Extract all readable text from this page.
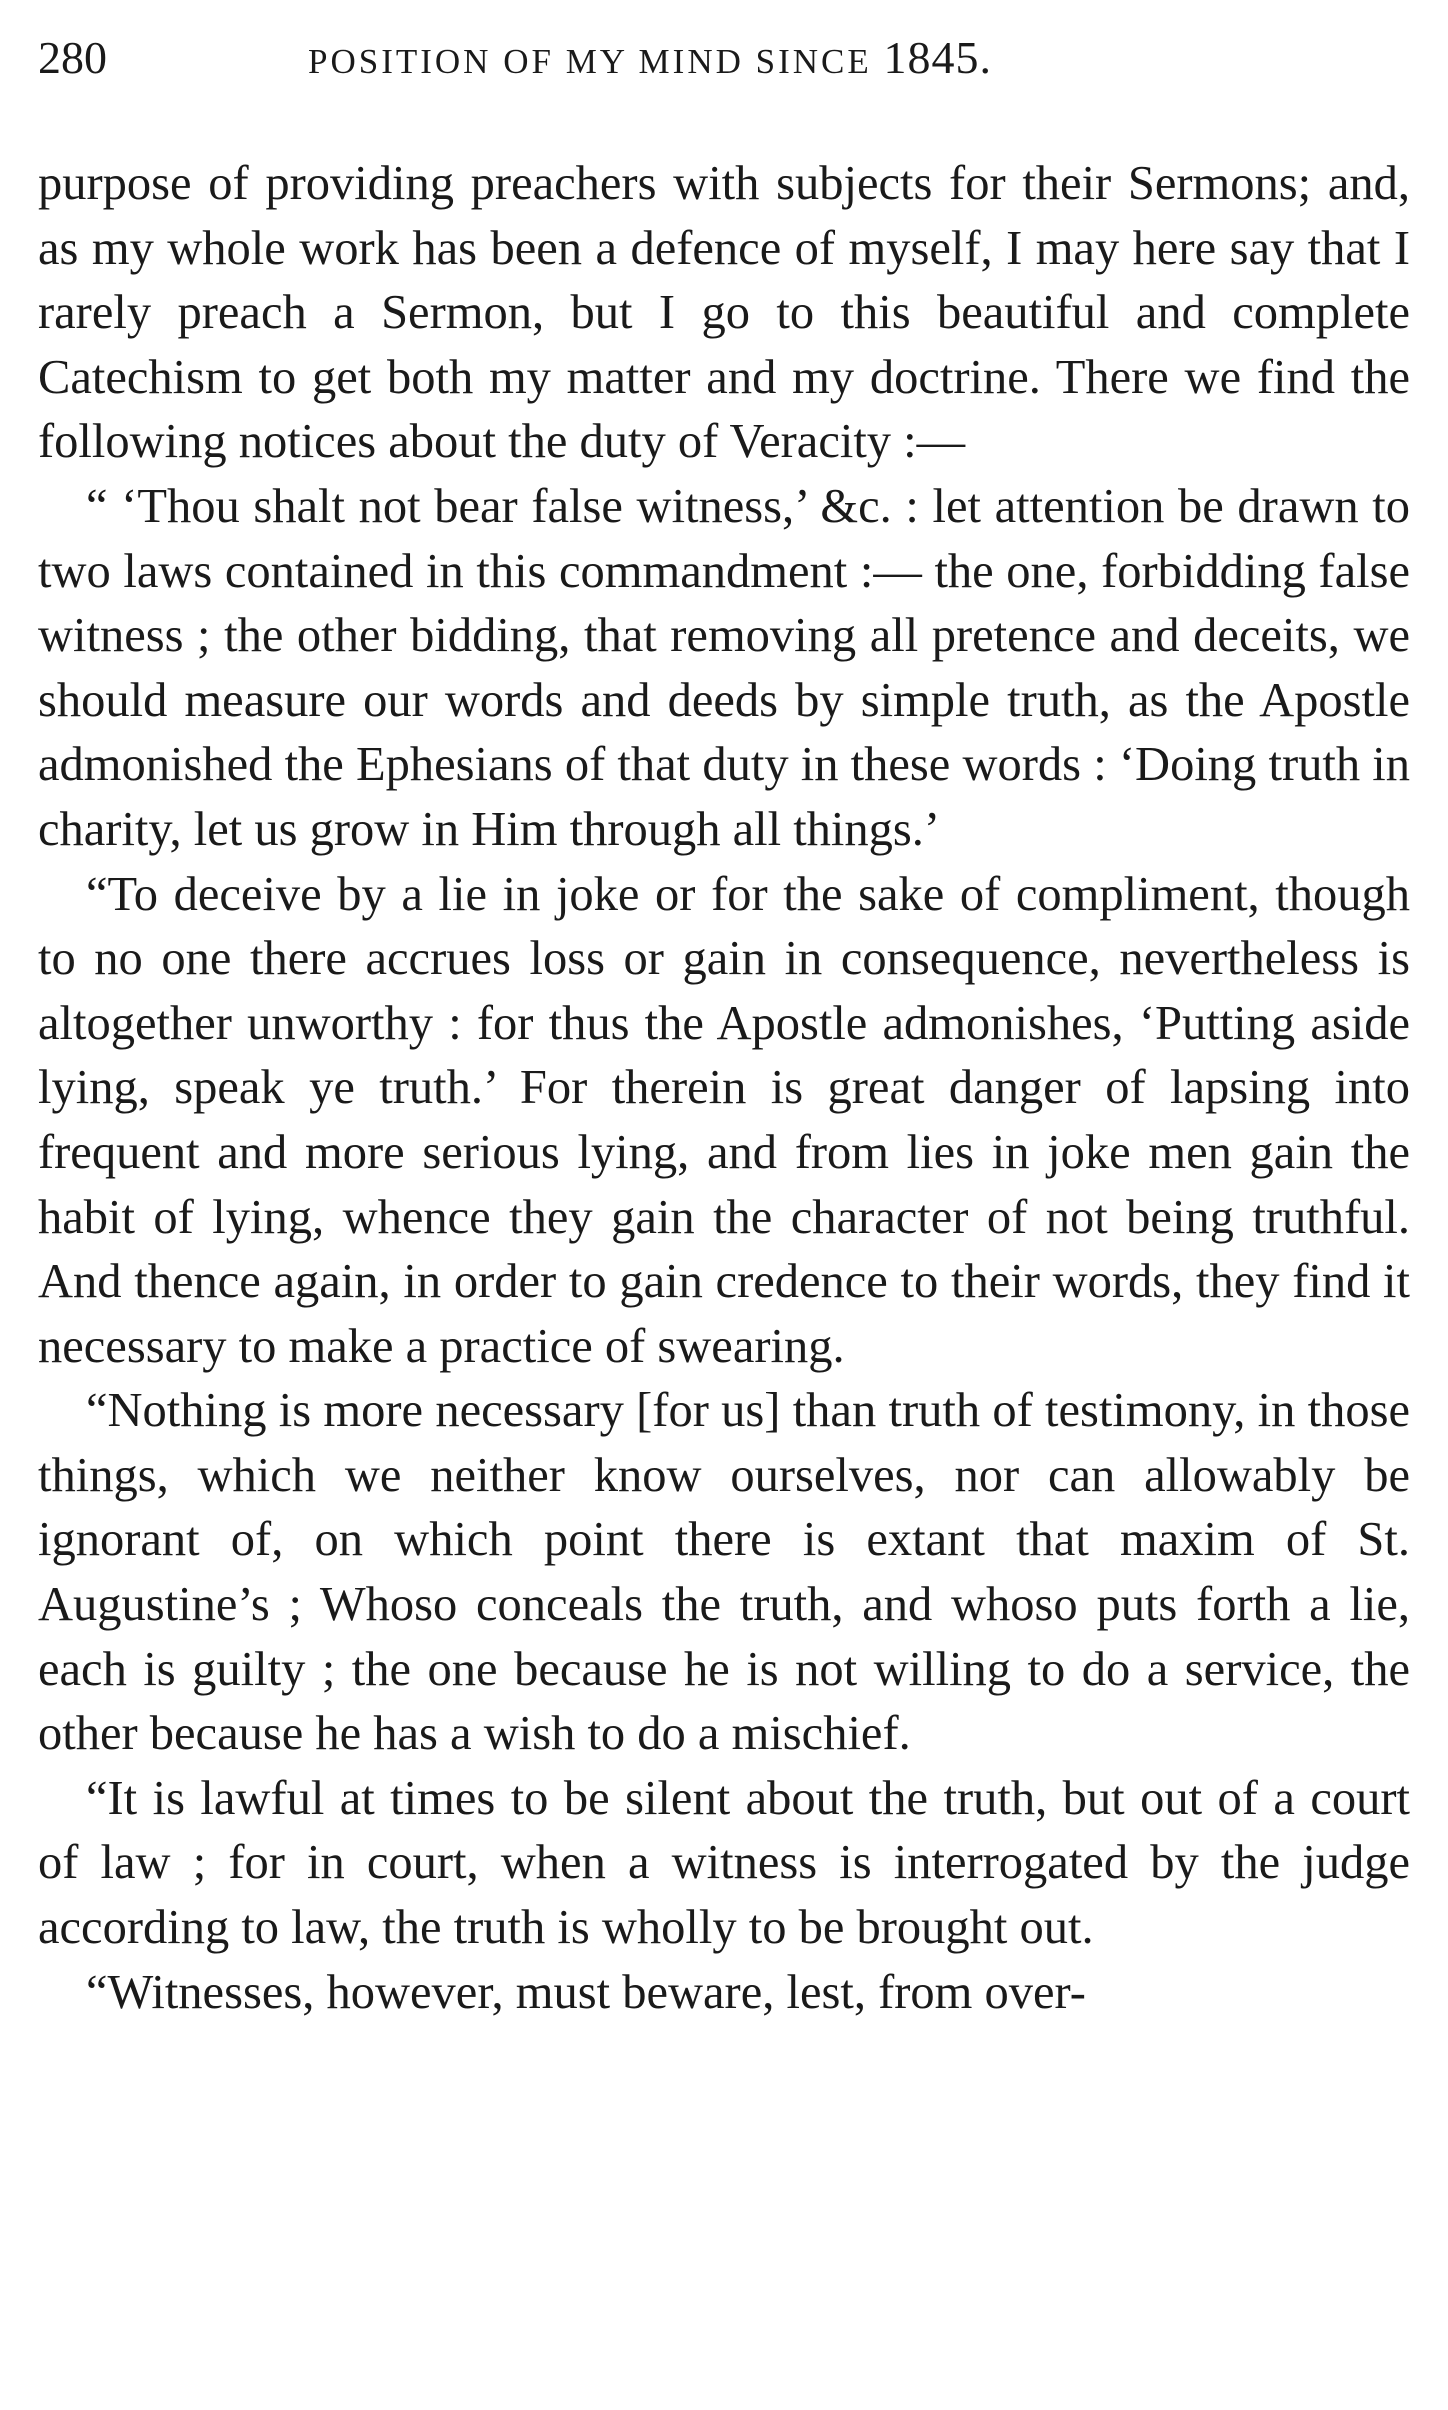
280	POSITION OF MY MIND SINCE 1845.

purpose of providing preachers with subjects for their Sermons; and, as my whole work has been a defence of myself, I may here say that I rarely preach a Sermon, but I go to this beautiful and complete Catechism to get both my matter and my doctrine. There we find the following notices about the duty of Veracity :—

“ ‘Thou shalt not bear false witness,’ &c. : let attention be drawn to two laws contained in this commandment :— the one, forbidding false witness ; the other bidding, that removing all pretence and deceits, we should measure our words and deeds by simple truth, as the Apostle admonished the Ephesians of that duty in these words : ‘Doing truth in charity, let us grow in Him through all things.’

“To deceive by a lie in joke or for the sake of compliment, though to no one there accrues loss or gain in consequence, nevertheless is altogether unworthy : for thus the Apostle admonishes, ‘Putting aside lying, speak ye truth.’ For therein is great danger of lapsing into frequent and more serious lying, and from lies in joke men gain the habit of lying, whence they gain the character of not being truthful. And thence again, in order to gain credence to their words, they find it necessary to make a practice of swearing.

“Nothing is more necessary [for us] than truth of testimony, in those things, which we neither know ourselves, nor can allowably be ignorant of, on which point there is extant that maxim of St. Augustine’s ; Whoso conceals the truth, and whoso puts forth a lie, each is guilty ; the one because he is not willing to do a service, the other because he has a wish to do a mischief.

“It is lawful at times to be silent about the truth, but out of a court of law ; for in court, when a witness is interrogated by the judge according to law, the truth is wholly to be brought out.

“Witnesses, however, must beware, lest, from over-
